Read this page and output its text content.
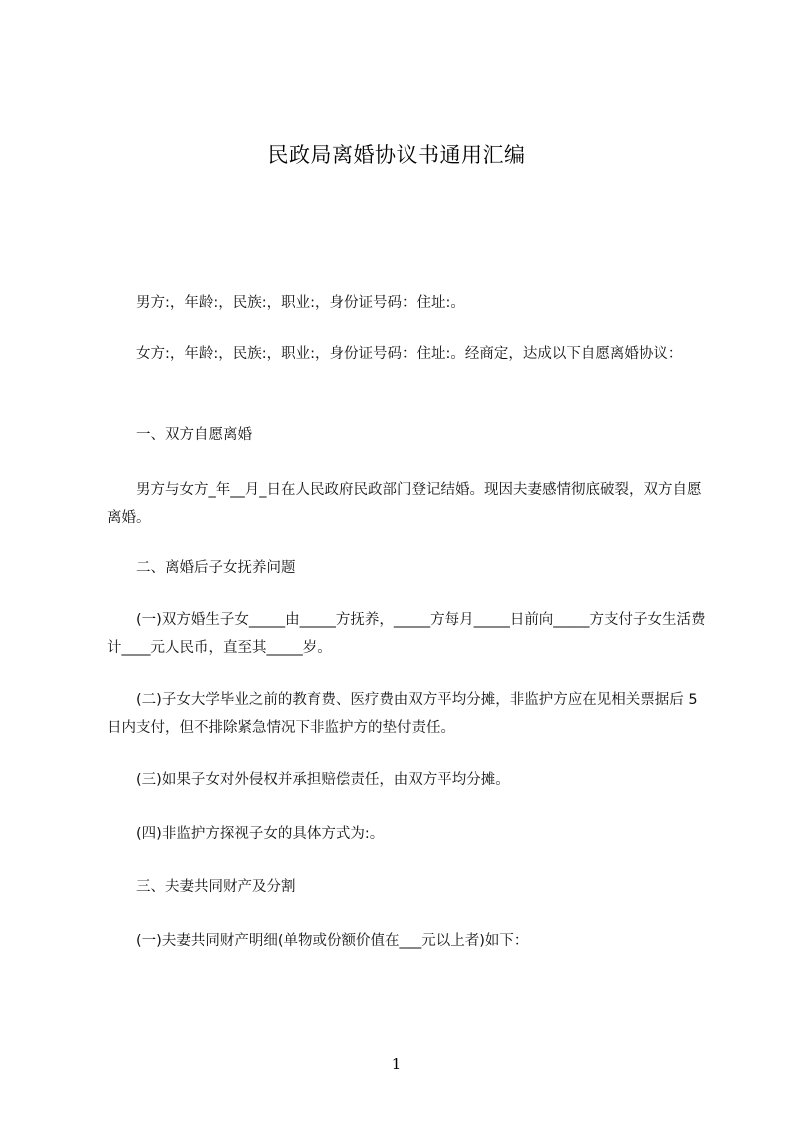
民政局离婚协议书通用汇编

男方:，年龄:，民族:，职业:，身份证号码：住址:。

女方:，年龄:，民族:，职业:，身份证号码：住址:。经商定，达成以下自愿离婚协议：

一、双方自愿离婚

男方与女方_年__月_日在人民政府民政部门登记结婚。现因夫妻感情彻底破裂，双方自愿离婚。

二、离婚后子女抚养问题

(一)双方婚生子女_____由_____方抚养，_____方每月_____日前向_____方支付子女生活费计____元人民币，直至其_____岁。

(二)子女大学毕业之前的教育费、医疗费由双方平均分摊，非监护方应在见相关票据后 5 日内支付，但不排除紧急情况下非监护方的垫付责任。

(三)如果子女对外侵权并承担赔偿责任，由双方平均分摊。

(四)非监护方探视子女的具体方式为:。

三、夫妻共同财产及分割

(一)夫妻共同财产明细(单物或份额价值在___元以上者)如下：

1
